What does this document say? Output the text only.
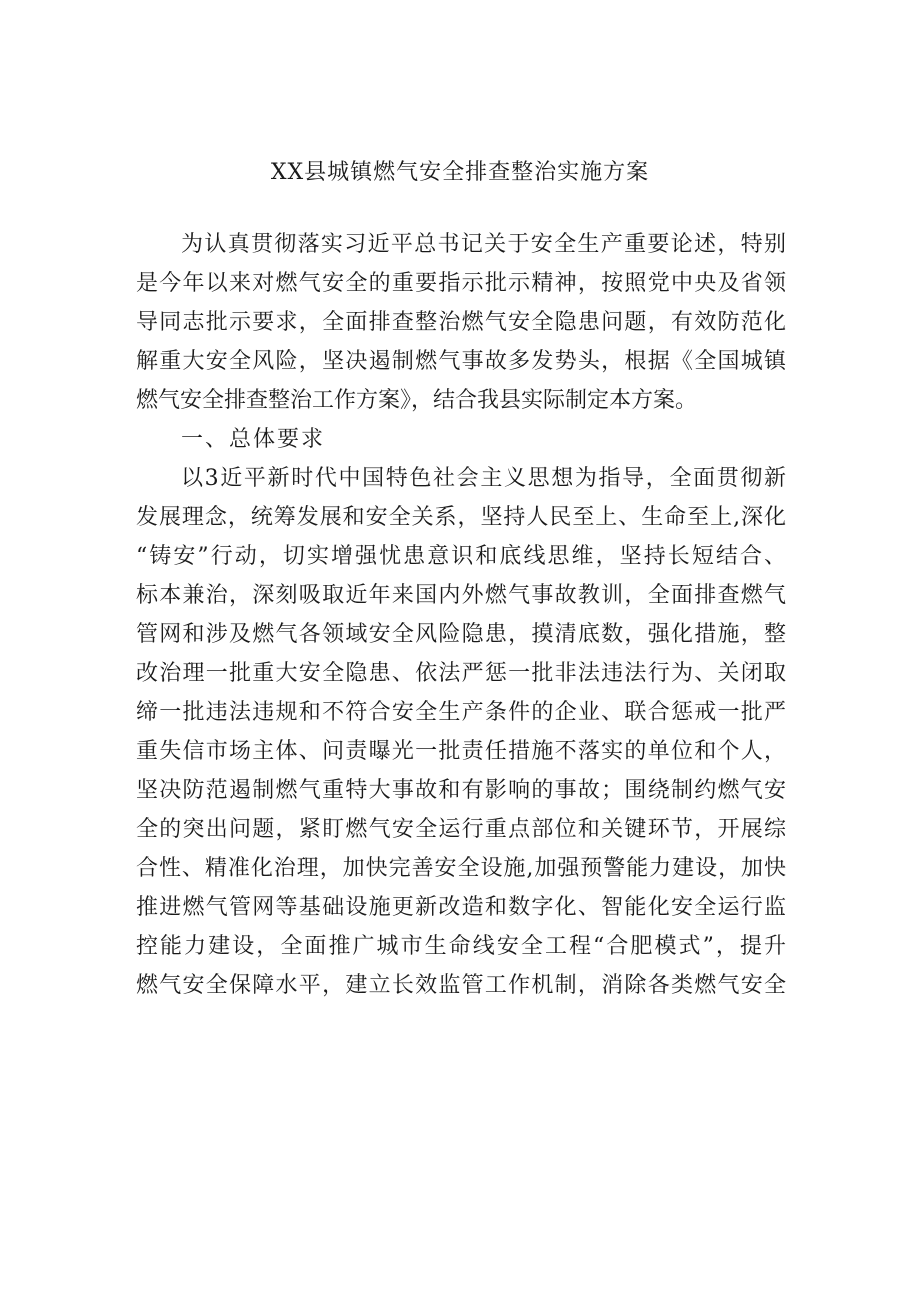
XX县城镇燃气安全排查整治实施方案
为认真贯彻落实习近平总书记关于安全生产重要论述，特别
是今年以来对燃气安全的重要指示批示精神，按照党中央及省领
导同志批示要求，全面排查整治燃气安全隐患问题，有效防范化
解重大安全风险，坚决遏制燃气事故多发势头，根据《全国城镇
燃气安全排查整治工作方案》，结合我县实际制定本方案。
一、总体要求
以3近平新时代中国特色社会主义思想为指导，全面贯彻新
发展理念，统筹发展和安全关系，坚持人民至上、生命至上,深化
“铸安”行动，切实增强忧患意识和底线思维，坚持长短结合、
标本兼治，深刻吸取近年来国内外燃气事故教训，全面排查燃气
管网和涉及燃气各领域安全风险隐患，摸清底数，强化措施，整
改治理一批重大安全隐患、依法严惩一批非法违法行为、关闭取
缔一批违法违规和不符合安全生产条件的企业、联合惩戒一批严
重失信市场主体、问责曝光一批责任措施不落实的单位和个人，
坚决防范遏制燃气重特大事故和有影响的事故；围绕制约燃气安
全的突出问题，紧盯燃气安全运行重点部位和关键环节，开展综
合性、精准化治理，加快完善安全设施,加强预警能力建设，加快
推进燃气管网等基础设施更新改造和数字化、智能化安全运行监
控能力建设，全面推广城市生命线安全工程“合肥模式”，提升
燃气安全保障水平，建立长效监管工作机制，消除各类燃气安全
